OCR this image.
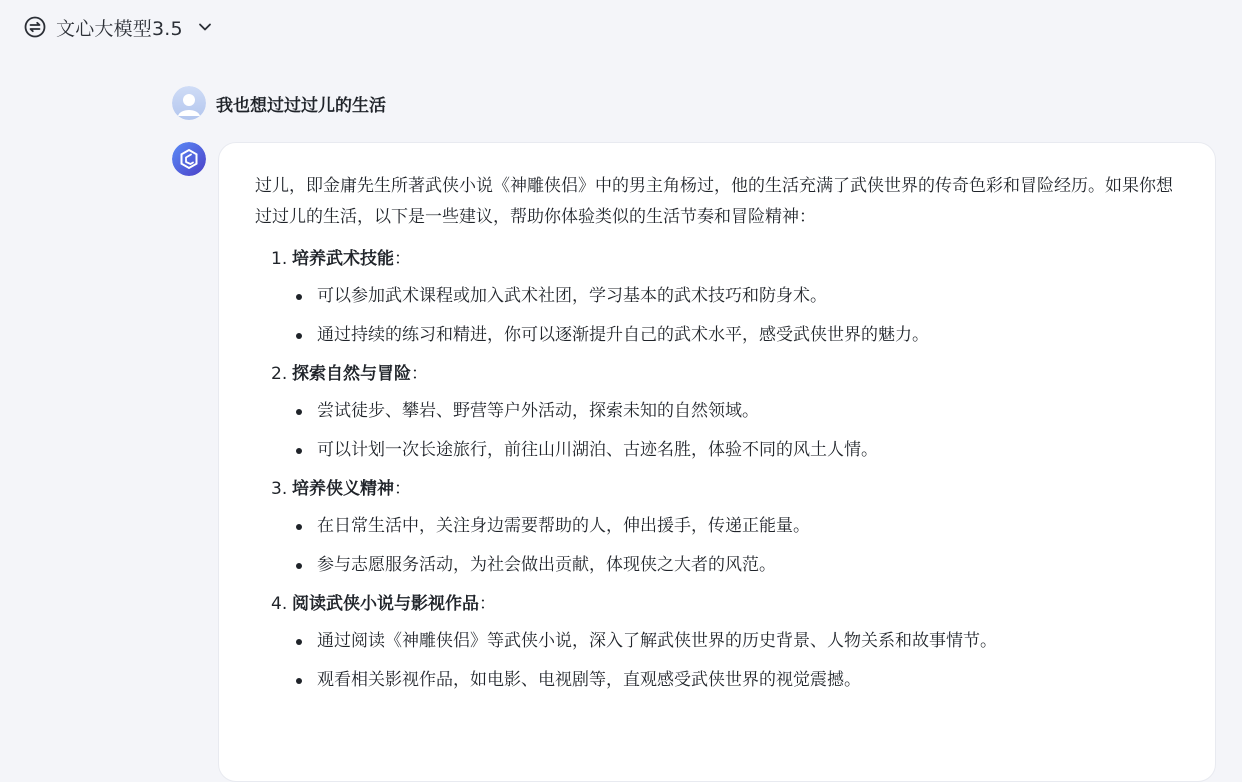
文心大模型3.5
我也想过过过儿的生活

过儿，即金庸先生所著武侠小说《神雕侠侣》中的男主角杨过，他的生活充满了武侠世界的传奇色彩和冒险经历。如果你想过过儿的生活，以下是一些建议，帮助你体验类似的生活节奏和冒险精神：

1. 培养武术技能：
可以参加武术课程或加入武术社团，学习基本的武术技巧和防身术。
通过持续的练习和精进，你可以逐渐提升自己的武术水平，感受武侠世界的魅力。
2. 探索自然与冒险：
尝试徒步、攀岩、野营等户外活动，探索未知的自然领域。
可以计划一次长途旅行，前往山川湖泊、古迹名胜，体验不同的风土人情。
3. 培养侠义精神：
在日常生活中，关注身边需要帮助的人，伸出援手，传递正能量。
参与志愿服务活动，为社会做出贡献，体现侠之大者的风范。
4. 阅读武侠小说与影视作品：
通过阅读《神雕侠侣》等武侠小说，深入了解武侠世界的历史背景、人物关系和故事情节。
观看相关影视作品，如电影、电视剧等，直观感受武侠世界的视觉震撼。
